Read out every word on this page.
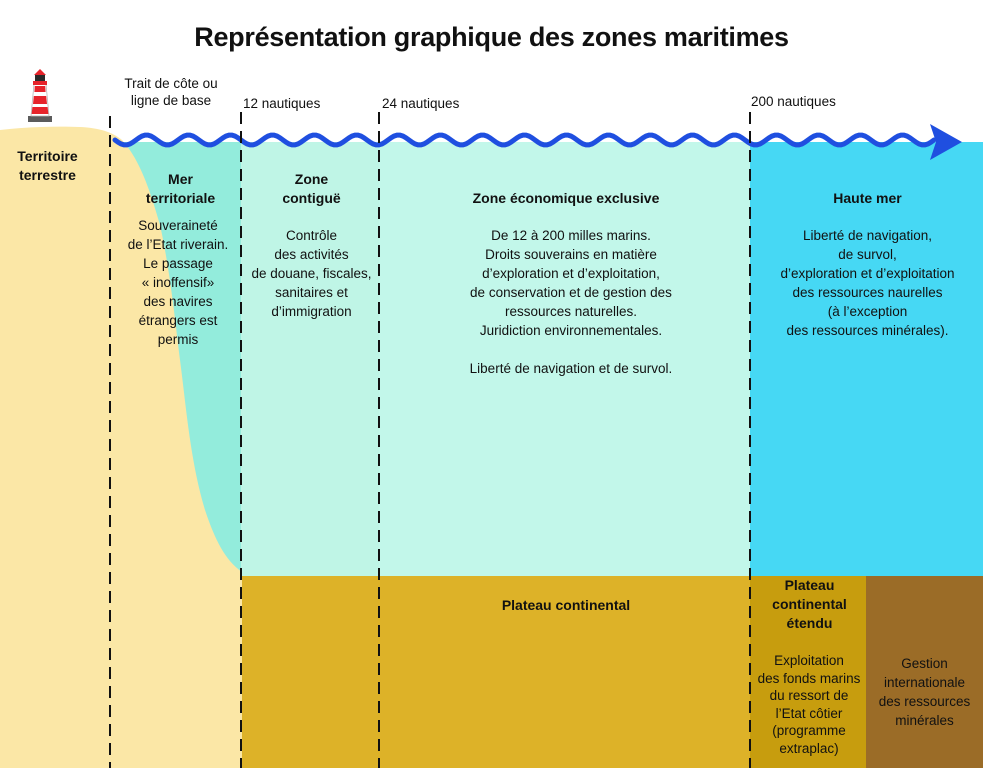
Représentation graphique des zones maritimes
Trait de côte ou
ligne de base	12 nautiques	24 nautiques	200 nautiques
Territoire
terrestre	Mer
territoriale
Souveraineté
de l’Etat riverain.
Le passage
« inoffensif»
des navires
étrangers est
permis
Zone
contiguë
Contrôle
des activités
de douane, fiscales,
sanitaires et
d’immigration
Zone économique exclusive
De 12 à 200 milles marins.
Droits souverains en matière
d’exploration et d’exploitation,
de conservation et de gestion des
ressources naturelles.
Juridiction environnementales.

Liberté de navigation et de survol.
Haute mer
Liberté de navigation,
de survol,
d’exploration et d’exploitation
des ressources naurelles
(à l’exception
des ressources minérales).
Plateau continental
Plateau
continental
étendu
Exploitation
des fonds marins
du ressort de
l’Etat côtier
(programme
extraplac)
Gestion
internationale
des ressources
minérales
